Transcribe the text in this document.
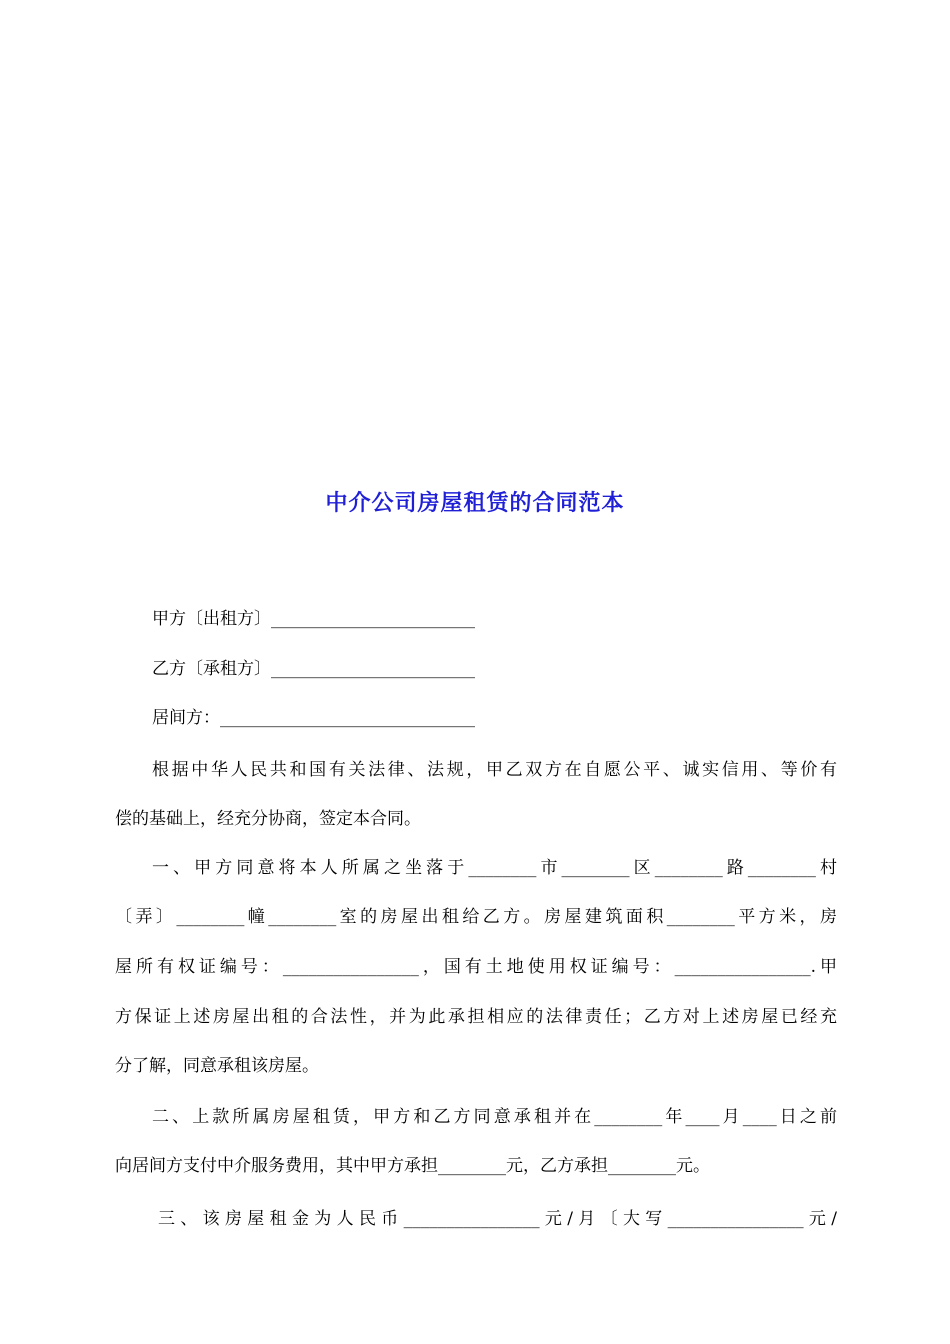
中介公司房屋租赁的合同范本
甲方〔出租方〕________________________
乙方〔承租方〕________________________
居间方：______________________________
根据中华人民共和国有关法律、法规，甲乙双方在自愿公平、诚实信用、等价有
偿的基础上，经充分协商，签定本合同。
一、甲方同意将本人所属之坐落于________市________区________路________村
〔弄〕________幢________室的房屋出租给乙方。房屋建筑面积________平方米，房
屋所有权证编号：________________，国有土地使用权证编号：________________.甲
方保证上述房屋出租的合法性，并为此承担相应的法律责任；乙方对上述房屋已经充
分了解，同意承租该房屋。
二、上款所属房屋租赁，甲方和乙方同意承租并在________年____月____日之前
向居间方支付中介服务费用，其中甲方承担________元，乙方承担________元。
三、该房屋租金为人民币________________元/月〔大写________________元/
